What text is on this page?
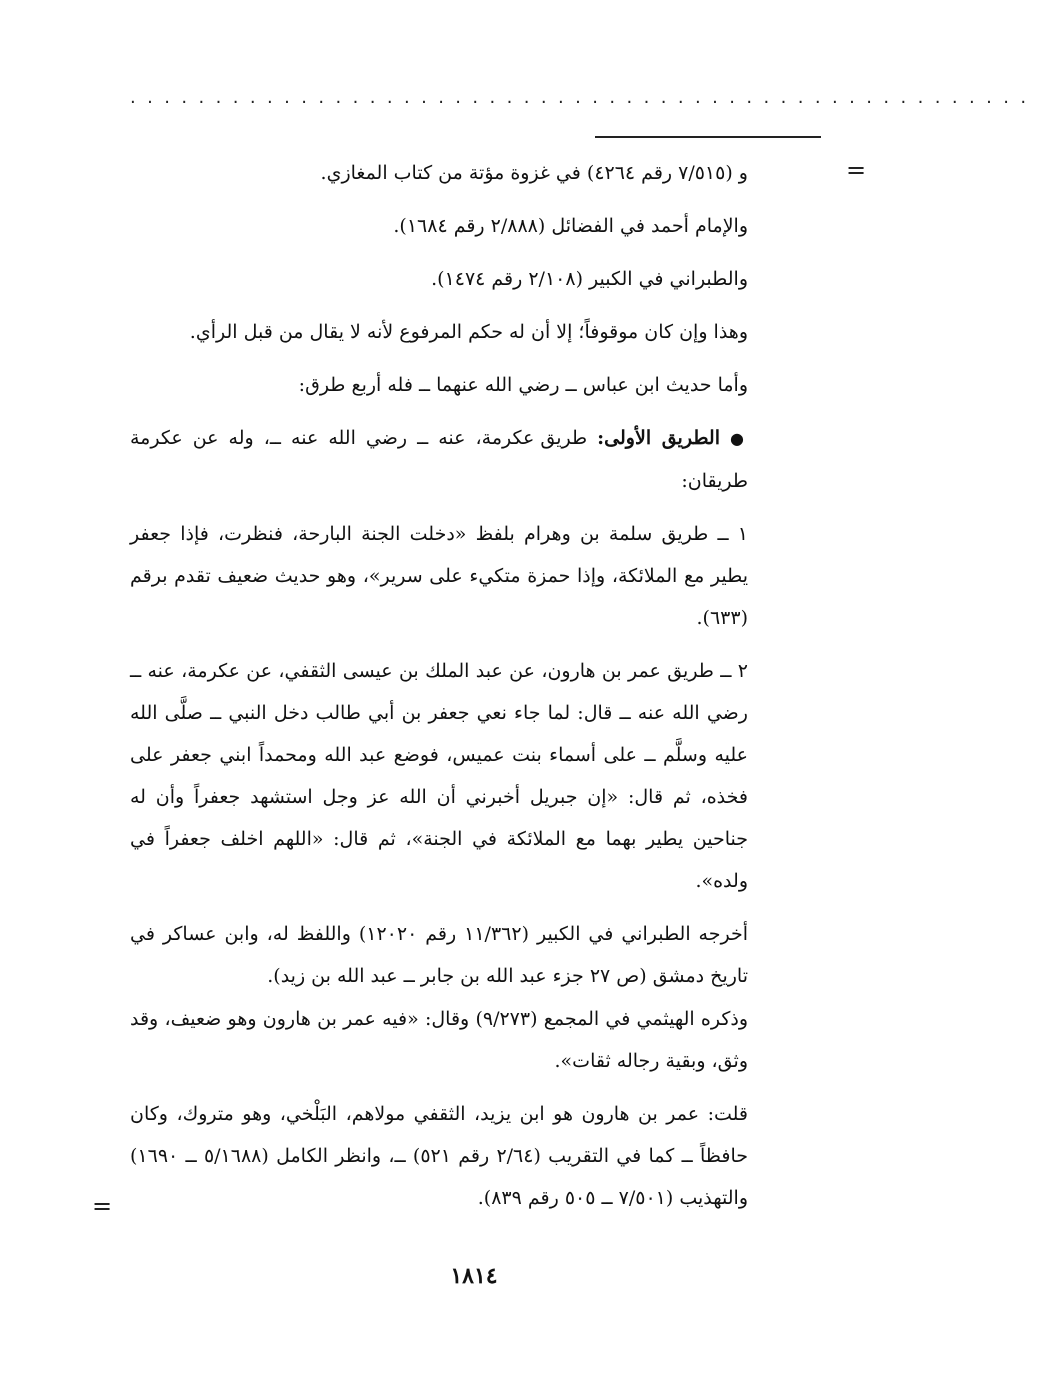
.....................................................
=

و (٧/٥١٥ رقم ٤٢٦٤) في غزوة مؤتة من كتاب المغازي.

والإمام أحمد في الفضائل (٢/٨٨٨ رقم ١٦٨٤).

والطبراني في الكبير (٢/١٠٨ رقم ١٤٧٤).

وهذا وإن كان موقوفاً؛ إلا أن له حكم المرفوع لأنه لا يقال من قبل الرأي.

وأما حديث ابن عباس ــ رضي الله عنهما ــ فله أربع طرق:

● الطريق الأولى: طريق عكرمة، عنه ــ رضي الله عنه ــ، وله عن عكرمة طريقان:

١ ــ طريق سلمة بن وهرام بلفظ «دخلت الجنة البارحة، فنظرت، فإذا جعفر يطير مع الملائكة، وإذا حمزة متكيء على سرير»، وهو حديث ضعيف تقدم برقم (٦٣٣).

٢ ــ طريق عمر بن هارون، عن عبد الملك بن عيسى الثقفي، عن عكرمة، عنه ــ رضي الله عنه ــ قال: لما جاء نعي جعفر بن أبي طالب دخل النبي ــ صلَّى الله عليه وسلَّم ــ على أسماء بنت عميس، فوضع عبد الله ومحمداً ابني جعفر على فخذه، ثم قال: «إن جبريل أخبرني أن الله عز وجل استشهد جعفراً وأن له جناحين يطير بهما مع الملائكة في الجنة»، ثم قال: «اللهم اخلف جعفراً في ولده».

أخرجه الطبراني في الكبير (١١/٣٦٢ رقم ١٢٠٢٠) واللفظ له، وابن عساكر في تاريخ دمشق (ص ٢٧ جزء عبد الله بن جابر ــ عبد الله بن زيد).

وذكره الهيثمي في المجمع (٩/٢٧٣) وقال: «فيه عمر بن هارون وهو ضعيف، وقد وثق، وبقية رجاله ثقات».

قلت: عمر بن هارون هو ابن يزيد، الثقفي مولاهم، البَلْخي، وهو متروك، وكان حافظاً ــ كما في التقريب (٢/٦٤ رقم ٥٢١) ــ، وانظر الكامل (٥/١٦٨٨ ــ ١٦٩٠) والتهذيب (٧/٥٠١ ــ ٥٠٥ رقم ٨٣٩).

=
١٨١٤
